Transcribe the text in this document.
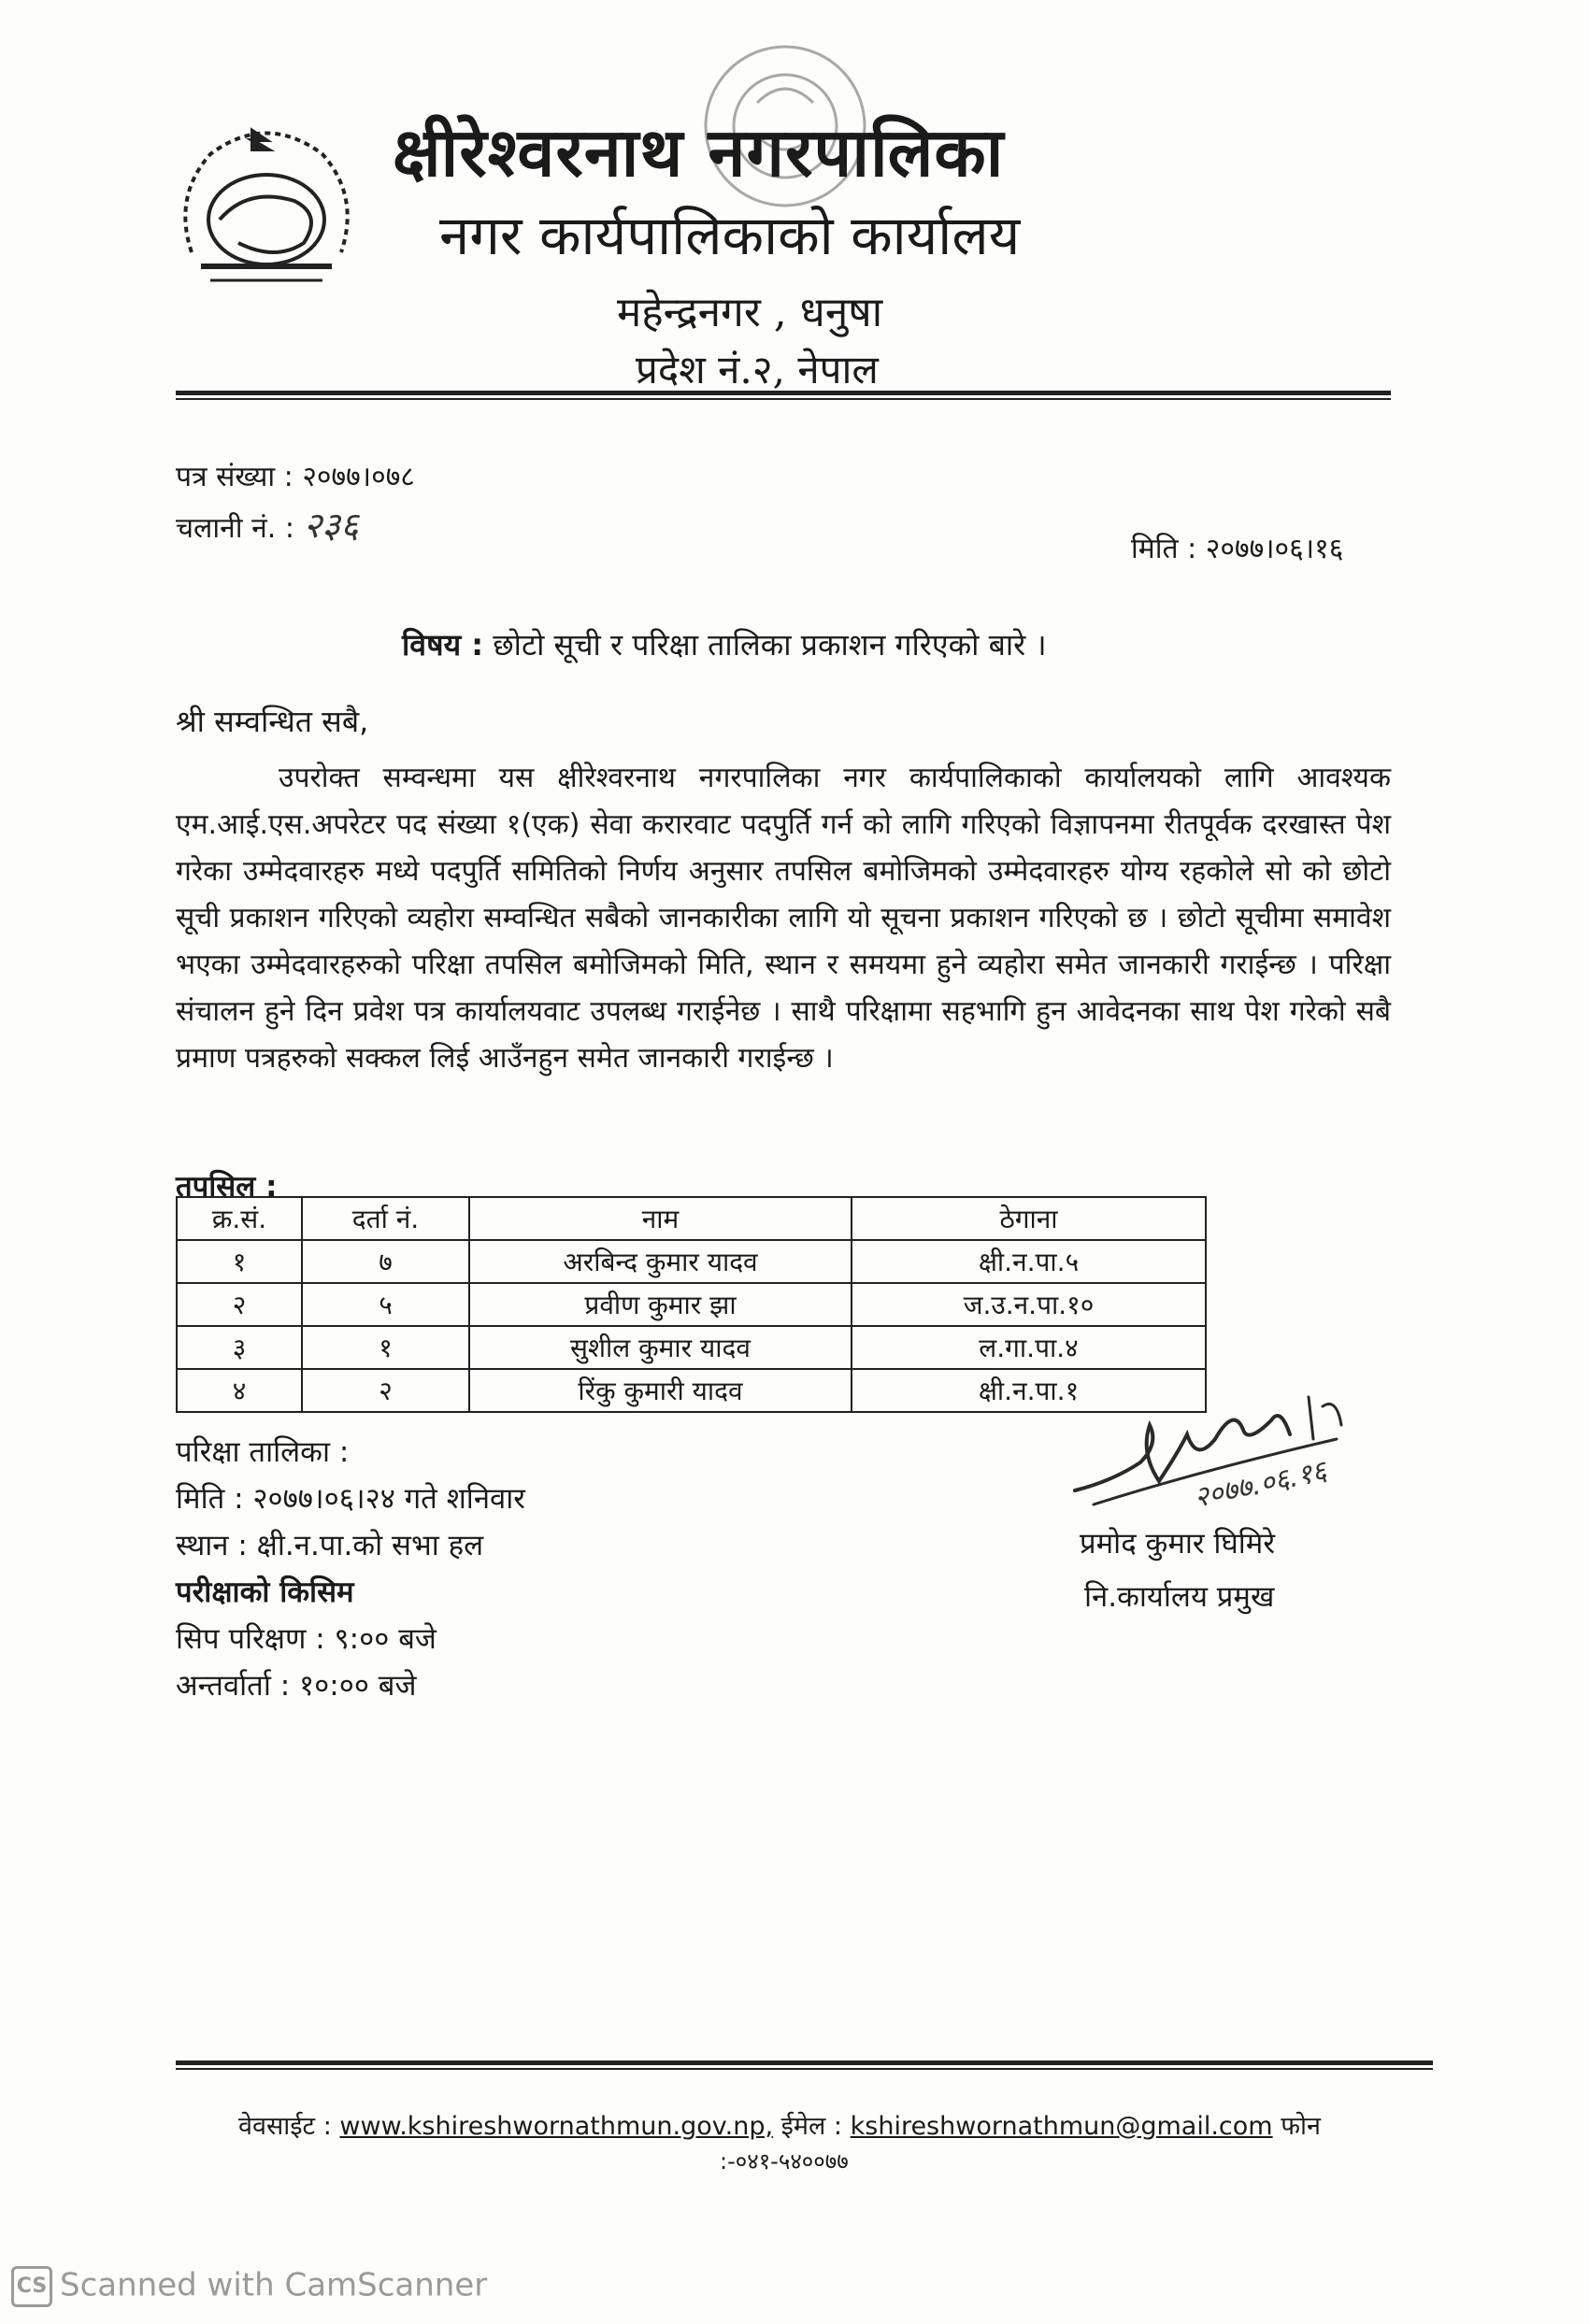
क्षीरेश्वरनाथ नगरपालिका
नगर कार्यपालिकाको कार्यालय
महेन्द्रनगर , धनुषा
प्रदेश नं.२, नेपाल
पत्र संख्या : २०७७।०७८
चलानी नं. : २३६
मिति : २०७७।०६।१६
विषय : छोटो सूची र परिक्षा तालिका प्रकाशन गरिएको बारे ।
श्री सम्वन्धित सबै,
उपरोक्त सम्वन्धमा यस क्षीरेश्वरनाथ नगरपालिका नगर कार्यपालिकाको कार्यालयको लागि आवश्यक एम.आई.एस.अपरेटर पद संख्या १(एक) सेवा करारवाट पदपुर्ति गर्न को लागि गरिएको विज्ञापनमा रीतपूर्वक दरखास्त पेश गरेका उम्मेदवारहरु मध्ये पदपुर्ति समितिको निर्णय अनुसार तपसिल बमोजिमको उम्मेदवारहरु योग्य रहकोले सो को छोटो सूची प्रकाशन गरिएको व्यहोरा सम्वन्धित सबैको जानकारीका लागि यो सूचना प्रकाशन गरिएको छ । छोटो सूचीमा समावेश भएका उम्मेदवारहरुको परिक्षा तपसिल बमोजिमको मिति, स्थान र समयमा हुने व्यहोरा समेत जानकारी गराईन्छ । परिक्षा संचालन हुने दिन प्रवेश पत्र कार्यालयवाट उपलब्ध गराईनेछ । साथै परिक्षामा सहभागि हुन आवेदनका साथ पेश गरेको सबै प्रमाण पत्रहरुको सक्कल लिई आउँनहुन समेत जानकारी गराईन्छ ।
तपसिल :
क्र.सं.	दर्ता नं.	नाम	ठेगाना
१	७	अरबिन्द कुमार यादव	क्षी.न.पा.५
२	५	प्रवीण कुमार झा	ज.उ.न.पा.१०
३	१	सुशील कुमार यादव	ल.गा.पा.४
४	२	रिंकु कुमारी यादव	क्षी.न.पा.१
परिक्षा तालिका :
मिति : २०७७।०६।२४ गते शनिवार
स्थान : क्षी.न.पा.को सभा हल
परीक्षाको किसिम
सिप परिक्षण : ९:०० बजे
अन्तर्वार्ता : १०:०० बजे
२०७७.०६.१६
प्रमोद कुमार घिमिरे
नि.कार्यालय प्रमुख
वेवसाईट : www.kshireshwornathmun.gov.np, ईमेल : kshireshwornathmun@gmail.com फोन
:-०४१-५४००७७
CS Scanned with CamScanner
